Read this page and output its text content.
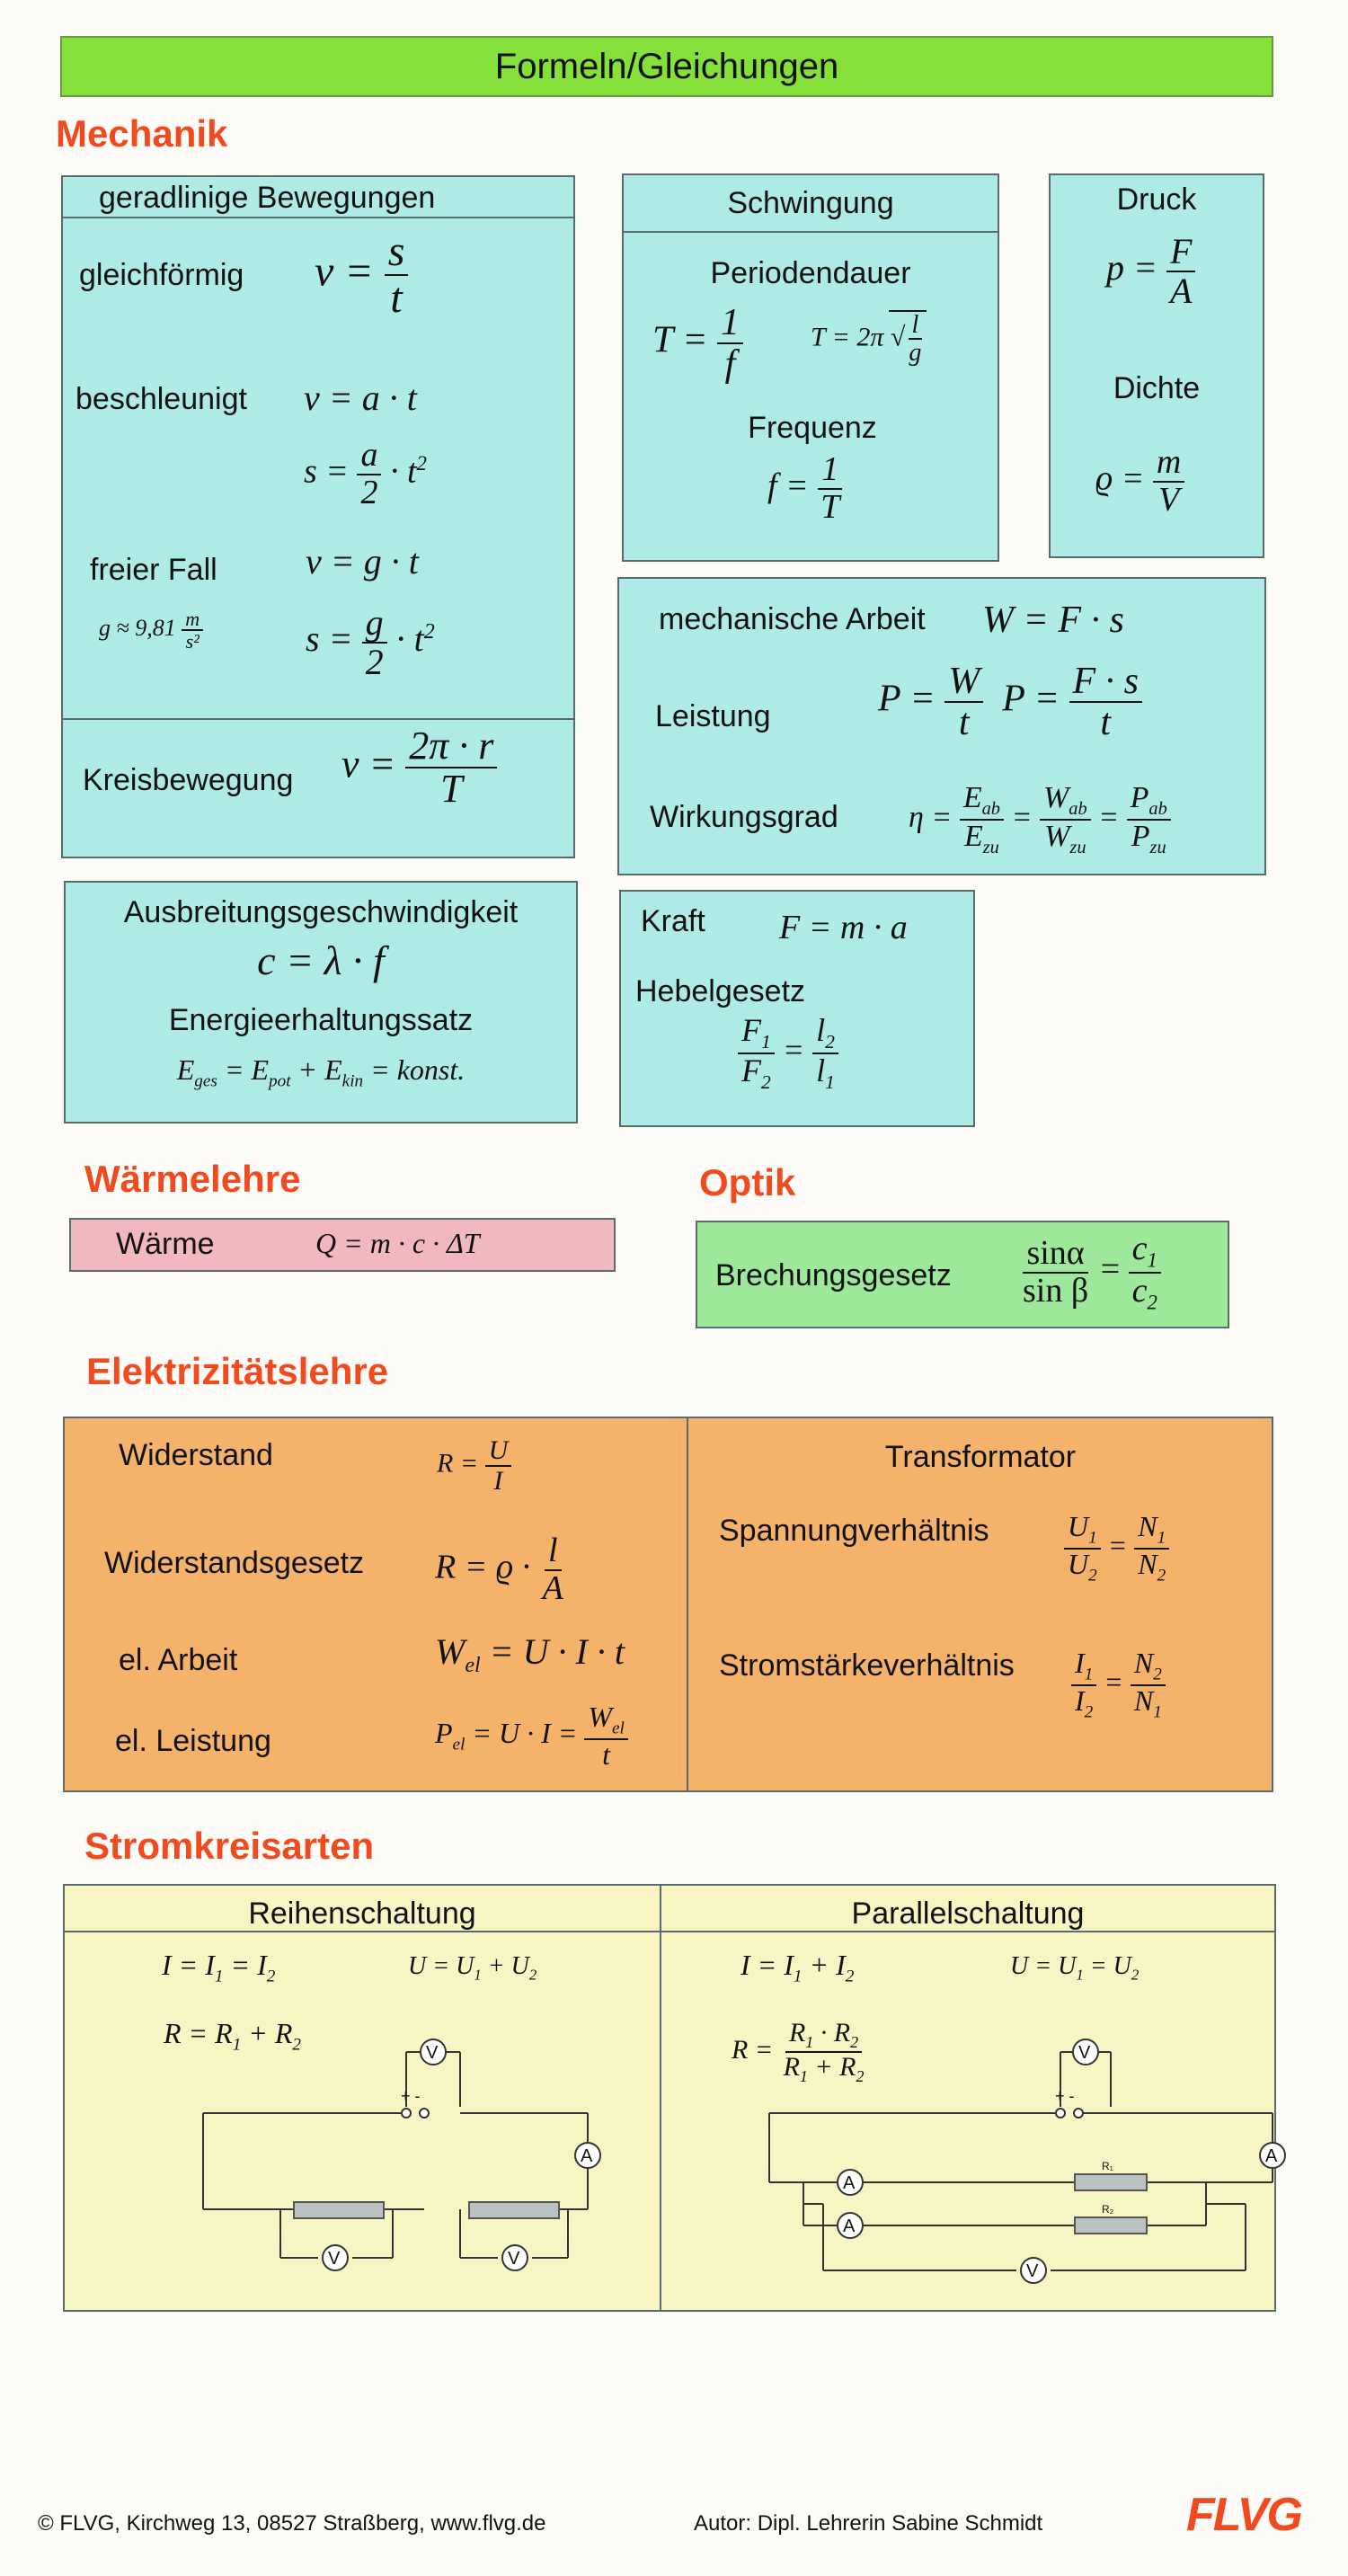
Formeln/Gleichungen
Mechanik
geradlinige Bewegungen
gleichförmig $v = \frac{s}{t}$
beschleunigt v = a · t
$s = \frac{a}{2} \cdot t^2$
freier Fall v = g · t
$g \approx 9,81 \frac{m}{\text{s²}}$	$s = \frac{g}{2} \cdot t^2$
Kreisbewegung $v = \frac{2\pi \cdot r}{T}$
Schwingung
Periodendauer
$T = \frac{1}{f}$	T = 2π √ $\frac{l}{g}$
Frequenz
$f = \frac{1}{T}$
Druck
$p = \frac{F}{A}$
Dichte
$ϱ = \frac{m}{V}$
mechanische Arbeit W = F · s
Leistung	$P = \frac{W}{t}$ $P = \frac{F \cdot s}{t}$
Wirkungsgrad $\eta = \frac{E_{ab}}{E_{zu}} = \frac{W_{ab}}{W_{zu}} = \frac{P_{ab}}{P_{zu}}$
Ausbreitungsgeschwindigkeit
c = λ · f
Energieerhaltungssatz
$E_{ges} = E_{pot} + E_{kin}$ = konst.
Kraft F = m · a
Hebelgesetz
$\frac{F_1}{F_2} = \frac{l_2}{l_1}$
Wärmelehre
Wärme	Q = m · c · ΔT
Optik
Brechungsgesetz $\frac{\sin\alpha}{\text{sin β}} = \frac{c_1}{c_2}$
Elektrizitätslehre
Widerstand	$R = \frac{U}{I}$
Widerstandsgesetz $R = ϱ \cdot \frac{l}{A}$
el. Arbeit	$W_{el} = U \cdot I \cdot t$
el. Leistung	$P_{el} = U \cdot I = \frac{W_{el}}{t}$
Transformator
Spannungverhältnis	$\frac{U_1}{U_2} = \frac{N_1}{N_2}$
Stromstärkeverhältnis $\frac{I_1}{I_2} = \frac{N_2}{N_1}$
Stromkreisarten
Reihenschaltung	Parallelschaltung
$I = I_1 = I_2$	$U = U_1 + U_2$
$R = R_1 + R_2$
$I = I_1 + I_2$	$U = U_1 = U_2$
$R = \frac{R_1 \cdot R_2}{R_1 + R_2}$
+ -
V
A
V	V
R₁
R₂
+ -
V
A
A
A
V
© FLVG, Kirchweg 13, 08527 Straßberg, www.flvg.de	Autor: Dipl. Lehrerin Sabine Schmidt	FLVG
